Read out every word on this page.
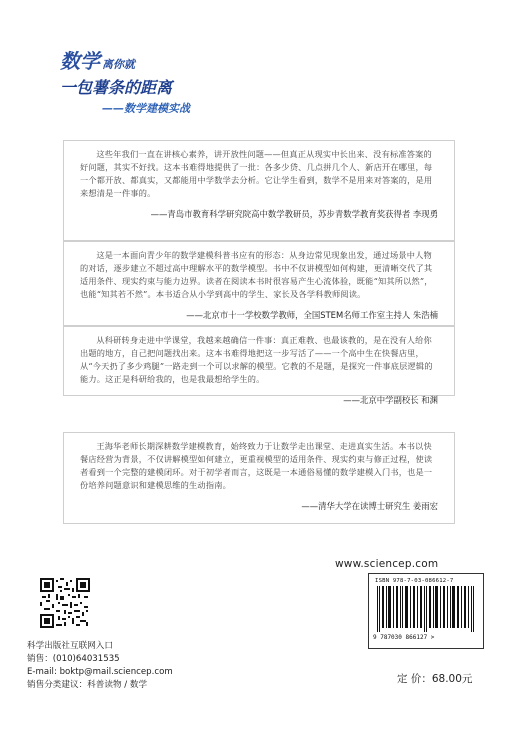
数学 离你就
一包薯条的距离
——数学建模实战

这些年我们一直在讲核心素养，讲开放性问题——但真正从现实中长出来、没有标准答案的好问题，其实不好找。这本书难得地提供了一批：各多少贷、几点拼几个人、新店开在哪里，每一个都开放、都真实，又都能用中学数学去分析。它让学生看到，数学不是用来对答案的，是用来想清是一件事的。

——青岛市教育科学研究院高中数学教研员，苏步青数学教育奖获得者 李现勇

这是一本面向青少年的数学建模科普书应有的形态：从身边常见现象出发，通过场景中人物的对话，逐步建立不超过高中理解水平的数学模型。书中不仅讲模型如何构建，更清晰交代了其适用条件、现实约束与能力边界。读者在阅读本书时很容易产生心流体验，既能“知其所以然”，也能“知其若不然”。本书适合从小学到高中的学生、家长及各学科教师阅读。

——北京市十一学校数学教师，全国STEM名师工作室主持人 朱浩楠

从科研转身走进中学课堂，我越来越确信一件事：真正难教、也最该教的，是在没有人给你出题的地方，自己把问题找出来。这本书难得地把这一步写活了——一个高中生在快餐店里，从“今天扔了多少鸡腿”一路走到一个可以求解的模型。它教的不是题，是探究一件事底层逻辑的能力。这正是科研给我的，也是我最想给学生的。

——北京中学副校长 和渊

王海华老师长期深耕数学建模教育，始终致力于让数学走出课堂、走进真实生活。本书以快餐店经营为背景，不仅讲解模型如何建立，更重视模型的适用条件、现实约束与修正过程，使读者看到一个完整的建模闭环。对于初学者而言，这既是一本通俗易懂的数学建模入门书，也是一份培养问题意识和建模思维的生动指南。

——清华大学在读博士研究生 姜雨宏
www.sciencep.com
ISBN 978-7-03-086612-7
9 787030 866127 >
科学出版社互联网入口
销售：(010)64031535
E-mail: boktp@mail.sciencep.com
销售分类建议：科普读物 / 数学	定 价：68.00元
